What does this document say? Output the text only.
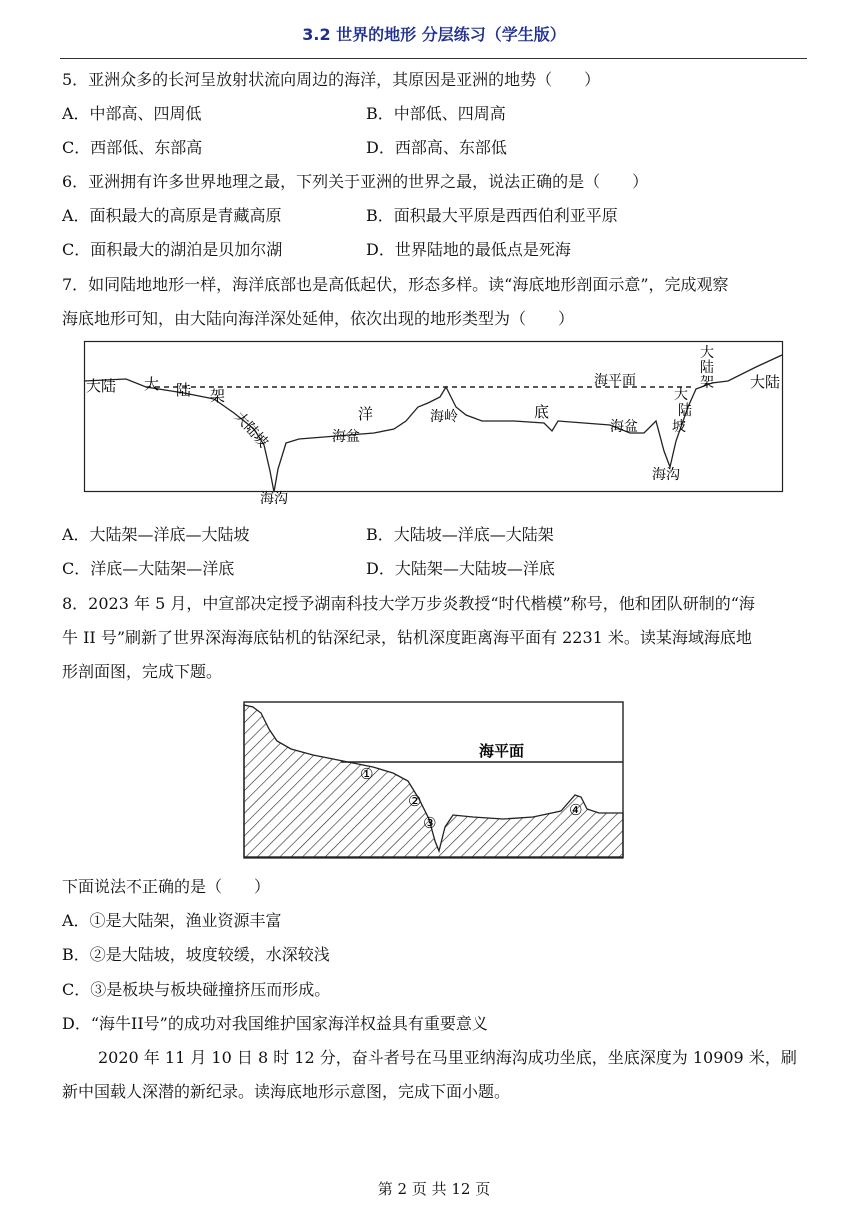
3.2 世界的地形 分层练习（学生版）
5．亚洲众多的长河呈放射状流向周边的海洋，其原因是亚洲的地势（　　）
A．中部高、四周低	B．中部低、四周高
C．西部低、东部高	D．西部高、东部低
6．亚洲拥有许多世界地理之最，下列关于亚洲的世界之最，说法正确的是（　　）
A．面积最大的高原是青藏高原	B．面积最大平原是西西伯利亚平原
C．面积最大的湖泊是贝加尔湖	D．世界陆地的最低点是死海
7．如同陆地地形一样，海洋底部也是高低起伏，形态多样。读“海底地形剖面示意”，完成观察
海底地形可知，由大陆向海洋深处延伸，依次出现的地形类型为（　　）
大陆 大 陆 架
大陆坡
海沟
海盆
洋	海岭	底
海盆
海沟
海平面
大
陆
坡
大
陆
架 大陆
A．大陆架—洋底—大陆坡	B．大陆坡—洋底—大陆架
C．洋底—大陆架—洋底	D．大陆架—大陆坡—洋底
8．2023 年 5 月，中宣部决定授予湖南科技大学万步炎教授“时代楷模”称号，他和团队研制的“海
牛 II 号”刷新了世界深海海底钻机的钻深纪录，钻机深度距离海平面有 2231 米。读某海域海底地
形剖面图，完成下题。
海平面
①
②
③
④
下面说法不正确的是（　　）
A．①是大陆架，渔业资源丰富
B．②是大陆坡，坡度较缓，水深较浅
C．③是板块与板块碰撞挤压而形成。
D．“海牛II号”的成功对我国维护国家海洋权益具有重要意义
2020 年 11 月 10 日 8 时 12 分，奋斗者号在马里亚纳海沟成功坐底，坐底深度为 10909 米，刷
新中国载人深潜的新纪录。读海底地形示意图，完成下面小题。
第 2 页 共 12 页
